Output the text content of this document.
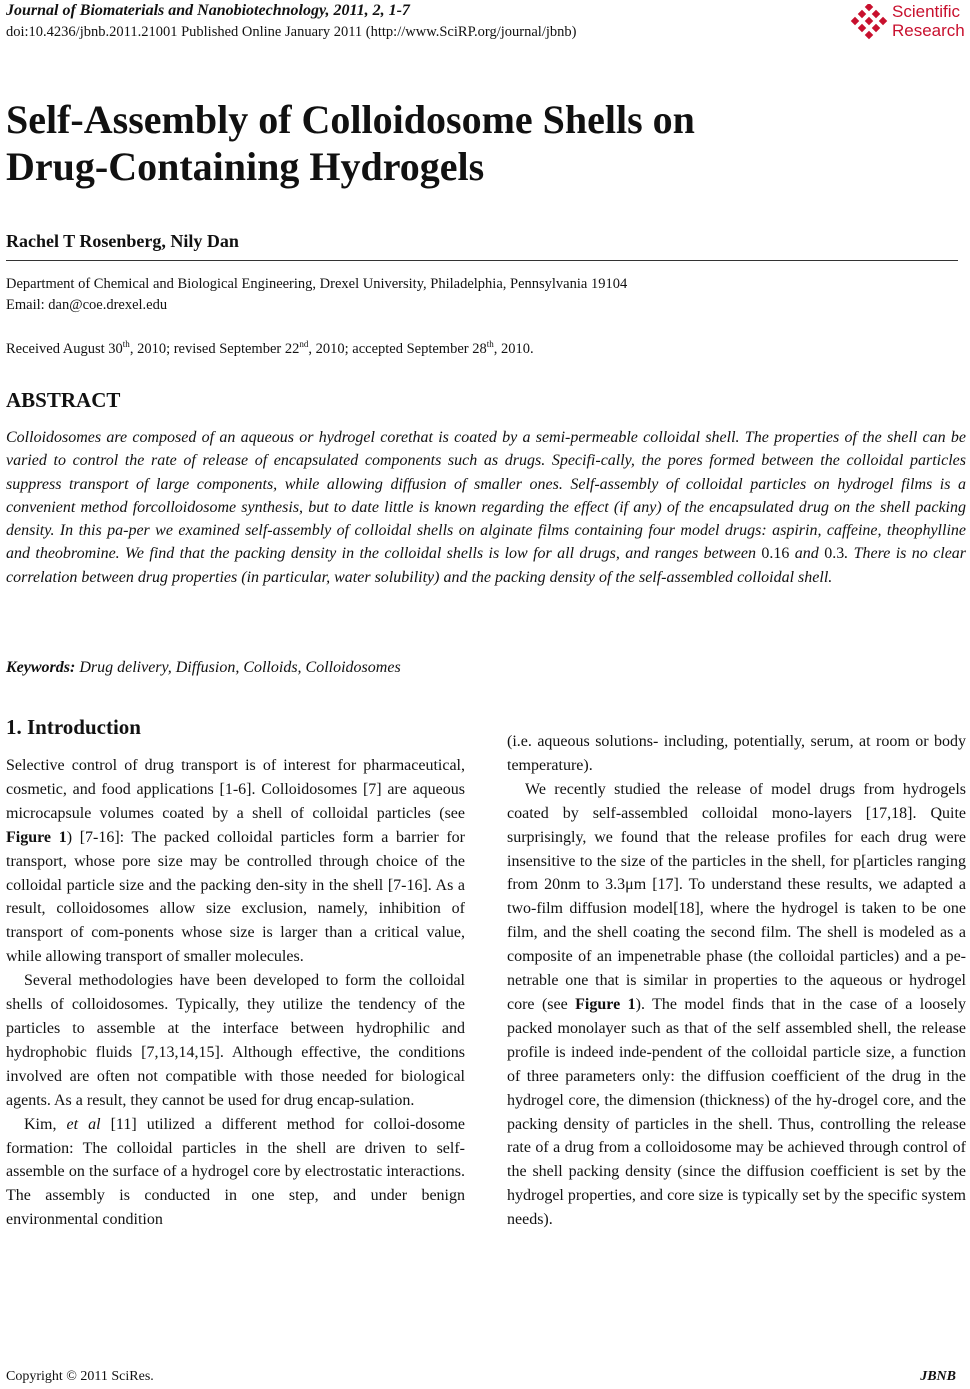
Journal of Biomaterials and Nanobiotechnology, 2011, 2, 1-7
doi:10.4236/jbnb.2011.21001 Published Online January 2011 (http://www.SciRP.org/journal/jbnb)
Scientific
Research
Self-Assembly of Colloidosome Shells on
Drug-Containing Hydrogels
Rachel T Rosenberg, Nily Dan
Department of Chemical and Biological Engineering, Drexel University, Philadelphia, Pennsylvania 19104
Email: dan@coe.drexel.edu
Received August 30th, 2010; revised September 22nd, 2010; accepted September 28th, 2010.
ABSTRACT

Colloidosomes are composed of an aqueous or hydrogel corethat is coated by a semi-permeable colloidal shell. The properties of the shell can be varied to control the rate of release of encapsulated components such as drugs. Specifi-cally, the pores formed between the colloidal particles suppress transport of large components, while allowing diffusion of smaller ones. Self-assembly of colloidal particles on hydrogel films is a convenient method forcolloidosome synthesis, but to date little is known regarding the effect (if any) of the encapsulated drug on the shell packing density. In this pa-per we examined self-assembly of colloidal shells on alginate films containing four model drugs: aspirin, caffeine, theophylline and theobromine. We find that the packing density in the colloidal shells is low for all drugs, and ranges between 0.16 and 0.3. There is no clear correlation between drug properties (in particular, water solubility) and the packing density of the self-assembled colloidal shell.

Keywords: Drug delivery, Diffusion, Colloids, Colloidosomes
1. Introduction

Selective control of drug transport is of interest for pharmaceutical, cosmetic, and food applications [1-6]. Colloidosomes [7] are aqueous microcapsule volumes coated by a shell of colloidal particles (see Figure 1) [7-16]: The packed colloidal particles form a barrier for transport, whose pore size may be controlled through choice of the colloidal particle size and the packing den-sity in the shell [7-16]. As a result, colloidosomes allow size exclusion, namely, inhibition of transport of com-ponents whose size is larger than a critical value, while allowing transport of smaller molecules.

Several methodologies have been developed to form the colloidal shells of colloidosomes. Typically, they utilize the tendency of the particles to assemble at the interface between hydrophilic and hydrophobic fluids [7,13,14,15]. Although effective, the conditions involved are often not compatible with those needed for biological agents. As a result, they cannot be used for drug encap-sulation.

Kim, et al [11] utilized a different method for colloi-dosome formation: The colloidal particles in the shell are driven to self-assemble on the surface of a hydrogel core by electrostatic interactions. The assembly is conducted in one step, and under benign environmental condition

(i.e. aqueous solutions- including, potentially, serum, at room or body temperature).

We recently studied the release of model drugs from hydrogels coated by self-assembled colloidal mono-layers [17,18]. Quite surprisingly, we found that the release profiles for each drug were insensitive to the size of the particles in the shell, for p[articles ranging from 20nm to 3.3μm [17]. To understand these results, we adapted a two-film diffusion model[18], where the hydrogel is taken to be one film, and the shell coating the second film. The shell is modeled as a composite of an impenetrable phase (the colloidal particles) and a pe-netrable one that is similar in properties to the aqueous or hydrogel core (see Figure 1). The model finds that in the case of a loosely packed monolayer such as that of the self assembled shell, the release profile is indeed inde-pendent of the colloidal particle size, a function of three parameters only: the diffusion coefficient of the drug in the hydrogel core, the dimension (thickness) of the hy-drogel core, and the packing density of particles in the shell. Thus, controlling the release rate of a drug from a colloidosome may be achieved through control of the shell packing density (since the diffusion coefficient is set by the hydrogel properties, and core size is typically set by the specific system needs).

Copyright © 2011 SciRes.	JBNB
